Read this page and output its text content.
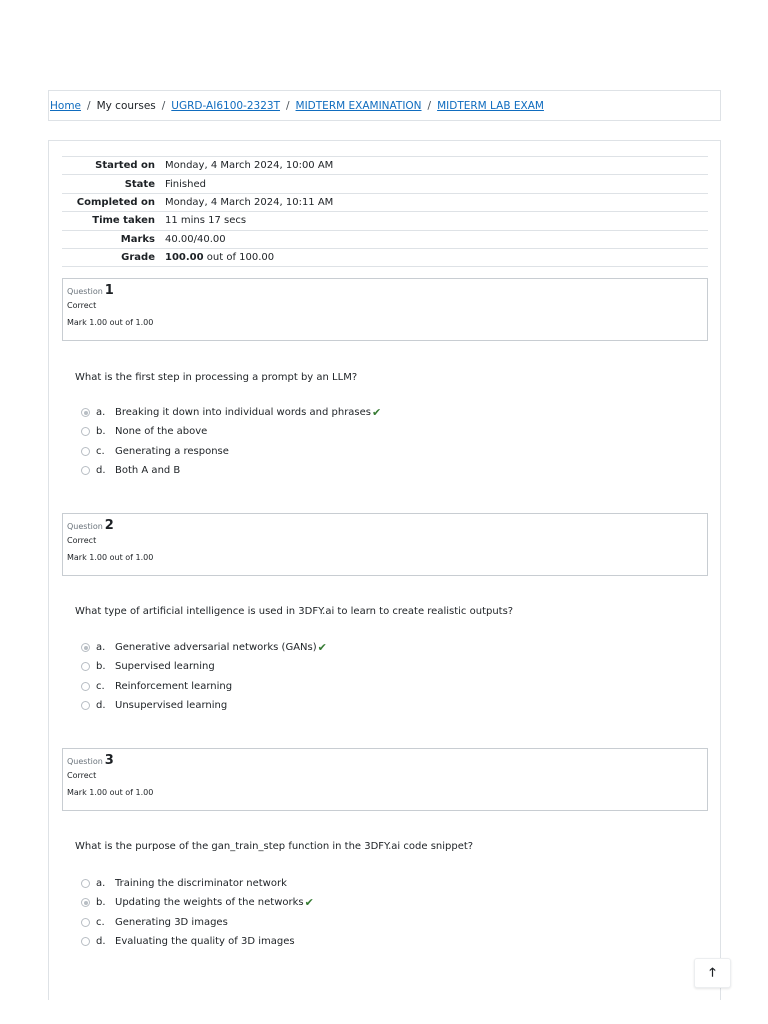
Home / My courses / UGRD-AI6100-2323T / MIDTERM EXAMINATION / MIDTERM LAB EXAM
Started on	Monday, 4 March 2024, 10:00 AM
State	Finished
Completed on	Monday, 4 March 2024, 10:11 AM
Time taken	11 mins 17 secs
Marks	40.00/40.00
Grade	100.00 out of 100.00
Question 1
Correct
Mark 1.00 out of 1.00
What is the first step in processing a prompt by an LLM?
a. Breaking it down into individual words and phrases ✔
b. None of the above
c.	Generating a response
d. Both A and B
Question 2
Correct
Mark 1.00 out of 1.00
What type of artificial intelligence is used in 3DFY.ai to learn to create realistic outputs?
a. Generative adversarial networks (GANs) ✔
b. Supervised learning
c.	Reinforcement learning
d. Unsupervised learning
Question 3
Correct
Mark 1.00 out of 1.00
What is the purpose of the gan_train_step function in the 3DFY.ai code snippet?
a. Training the discriminator network
b. Updating the weights of the networks ✔
c.	Generating 3D images
d. Evaluating the quality of 3D images
🡑
